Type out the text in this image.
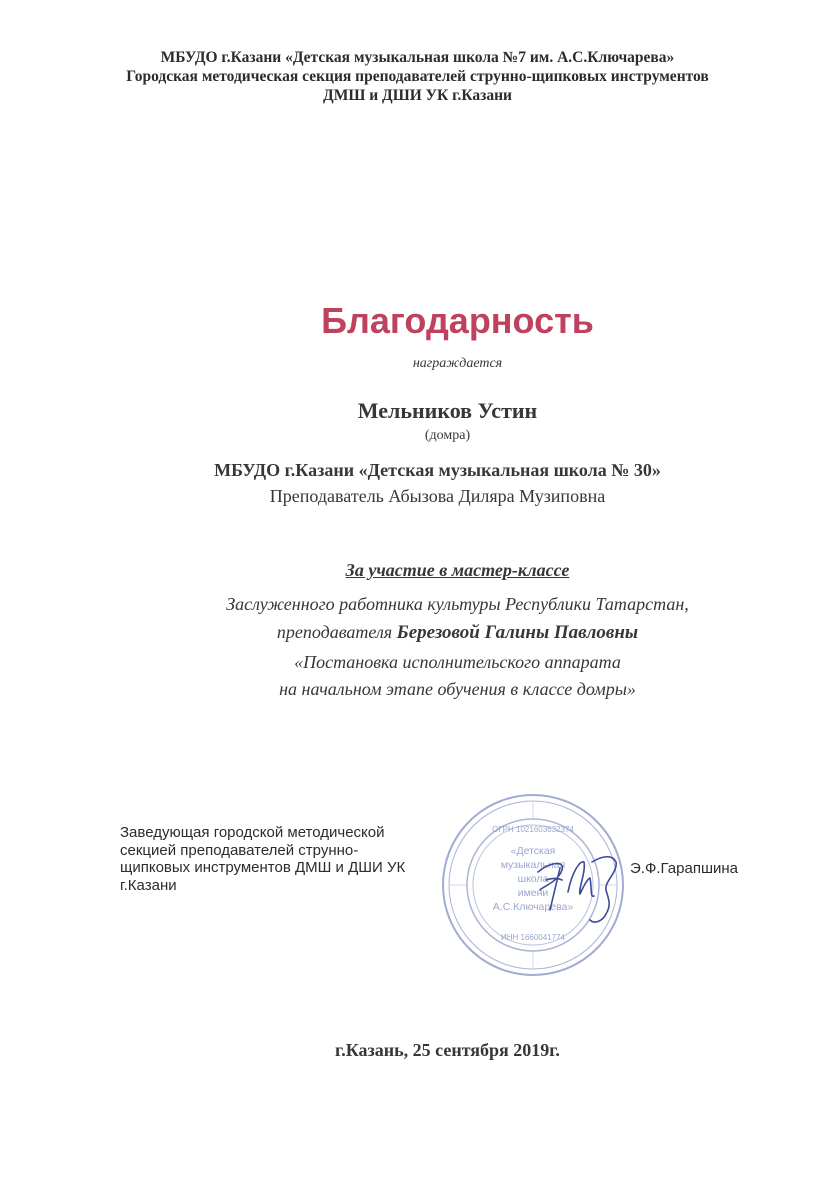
МБУДО г.Казани «Детская музыкальная школа №7 им. А.С.Ключарева»
Городская методическая секция преподавателей струнно-щипковых инструментов
ДМШ и ДШИ УК г.Казани
Благодарность
награждается
Мельников Устин
(домра)
МБУДО г.Казани «Детская музыкальная школа № 30»
Преподаватель Абызова Диляра Музиповна
За участие в мастер-классе
Заслуженного работника культуры Республики Татарстан,
преподавателя Березовой Галины Павловны
«Постановка исполнительского аппарата
на начальном этапе обучения в классе домры»
Заведующая городской методической
секцией преподавателей струнно-
щипковых инструментов ДМШ и ДШИ УК
г.Казани
«Детская
музыкальная
школа
имени
А.С.Ключарева»
ОГРН 1021603632374
ИНН 1660041774
Э.Ф.Гарапшина
г.Казань, 25 сентября 2019г.
